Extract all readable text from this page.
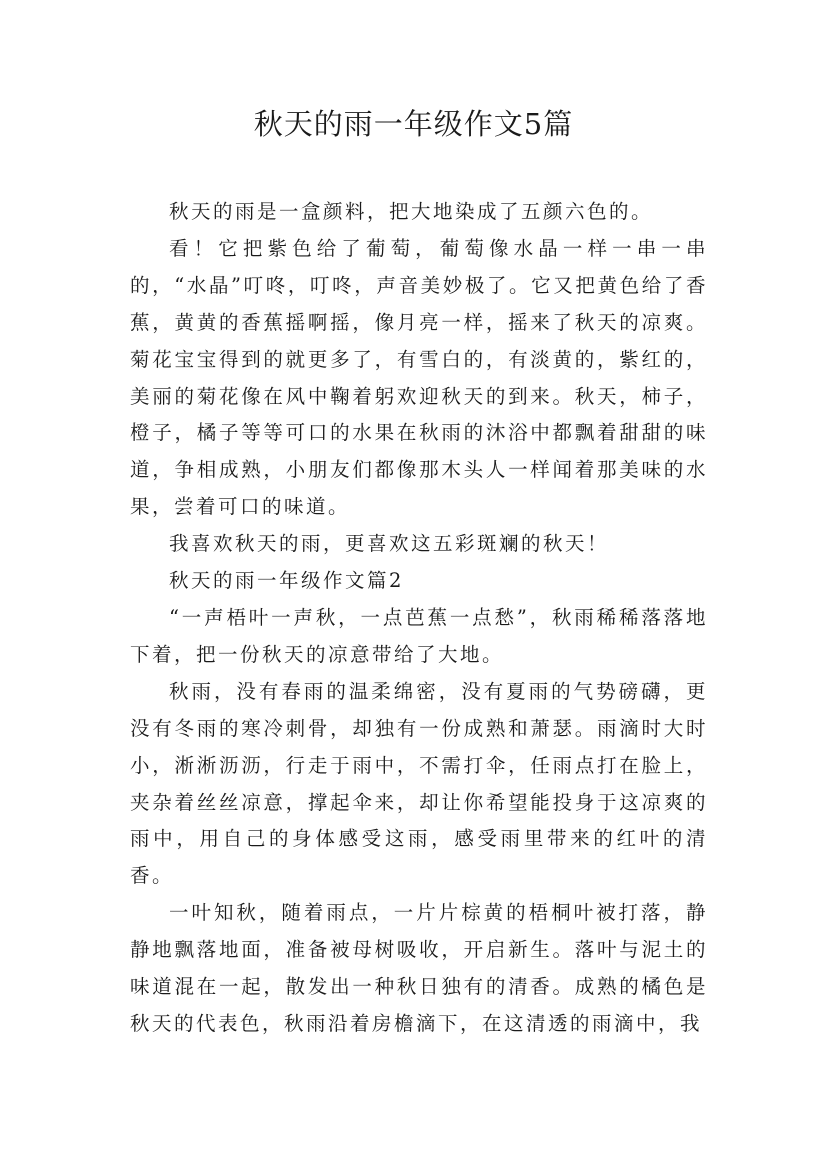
秋天的雨一年级作文5篇

秋天的雨是一盒颜料，把大地染成了五颜六色的。

看！它把紫色给了葡萄，葡萄像水晶一样一串一串的，“水晶”叮咚，叮咚，声音美妙极了。它又把黄色给了香蕉，黄黄的香蕉摇啊摇，像月亮一样，摇来了秋天的凉爽。菊花宝宝得到的就更多了，有雪白的，有淡黄的，紫红的，美丽的菊花像在风中鞠着躬欢迎秋天的到来。秋天，柿子，橙子，橘子等等可口的水果在秋雨的沐浴中都飘着甜甜的味道，争相成熟，小朋友们都像那木头人一样闻着那美味的水果，尝着可口的味道。

我喜欢秋天的雨，更喜欢这五彩斑斓的秋天！

秋天的雨一年级作文篇2

“一声梧叶一声秋，一点芭蕉一点愁”，秋雨稀稀落落地下着，把一份秋天的凉意带给了大地。

秋雨，没有春雨的温柔绵密，没有夏雨的气势磅礴，更没有冬雨的寒冷刺骨，却独有一份成熟和萧瑟。雨滴时大时小，淅淅沥沥，行走于雨中，不需打伞，任雨点打在脸上，夹杂着丝丝凉意，撑起伞来，却让你希望能投身于这凉爽的雨中，用自己的身体感受这雨，感受雨里带来的红叶的清香。

一叶知秋，随着雨点，一片片棕黄的梧桐叶被打落，静静地飘落地面，准备被母树吸收，开启新生。落叶与泥土的味道混在一起，散发出一种秋日独有的清香。成熟的橘色是秋天的代表色，秋雨沿着房檐滴下，在这清透的雨滴中，我
